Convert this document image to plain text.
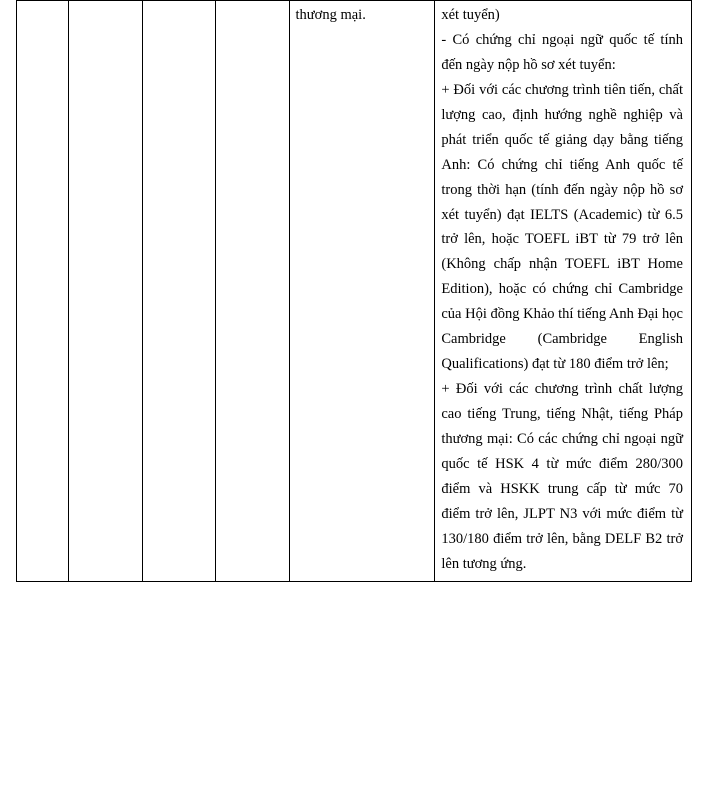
thương mại.	xét tuyển)

- Có chứng chỉ ngoại ngữ quốc tế tính đến ngày nộp hồ sơ xét tuyển:

+ Đối với các chương trình tiên tiến, chất lượng cao, định hướng nghề nghiệp và phát triển quốc tế giảng dạy bằng tiếng Anh: Có chứng chỉ tiếng Anh quốc tế trong thời hạn (tính đến ngày nộp hồ sơ xét tuyển) đạt IELTS (Academic) từ 6.5 trở lên, hoặc TOEFL iBT từ 79 trở lên (Không chấp nhận TOEFL iBT Home Edition), hoặc có chứng chỉ Cambridge của Hội đồng Khảo thí tiếng Anh Đại học Cambridge (Cambridge English Qualifications) đạt từ 180 điểm trở lên;

+ Đối với các chương trình chất lượng cao tiếng Trung, tiếng Nhật, tiếng Pháp thương mại: Có các chứng chỉ ngoại ngữ quốc tế HSK 4 từ mức điểm 280/300 điểm và HSKK trung cấp từ mức 70 điểm trở lên, JLPT N3 với mức điểm từ 130/180 điểm trở lên, bằng DELF B2 trở lên tương ứng.
